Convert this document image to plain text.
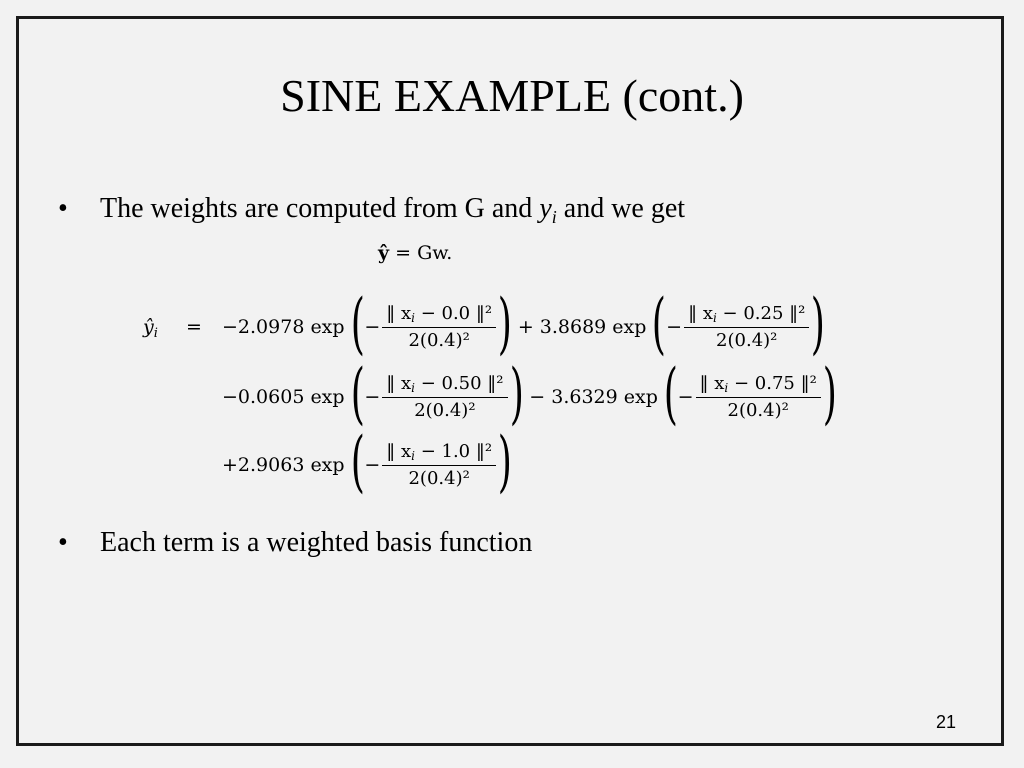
SINE EXAMPLE (cont.)
• The weights are computed from G and $y_i$ and we get
ŷ = Gw.
$ŷ_i = -2.0978$ exp ( − $\frac{‖ x_i - 0.0 ‖^2}{\text{2(0.4)²}}$ ) + 3.8689 exp ( − $\frac{‖ x_i - 0.25 ‖^2}{\text{2(0.4)²}}$ )
−0.0605 exp ( − $\frac{‖ x_i - 0.50 ‖^2}{\text{2(0.4)²}}$ ) − 3.6329 exp ( − $\frac{‖ x_i - 0.75 ‖^2}{\text{2(0.4)²}}$ )
+2.9063 exp ( − $\frac{‖ x_i - 1.0 ‖^2}{\text{2(0.4)²}}$ )
• Each term is a weighted basis function
21
